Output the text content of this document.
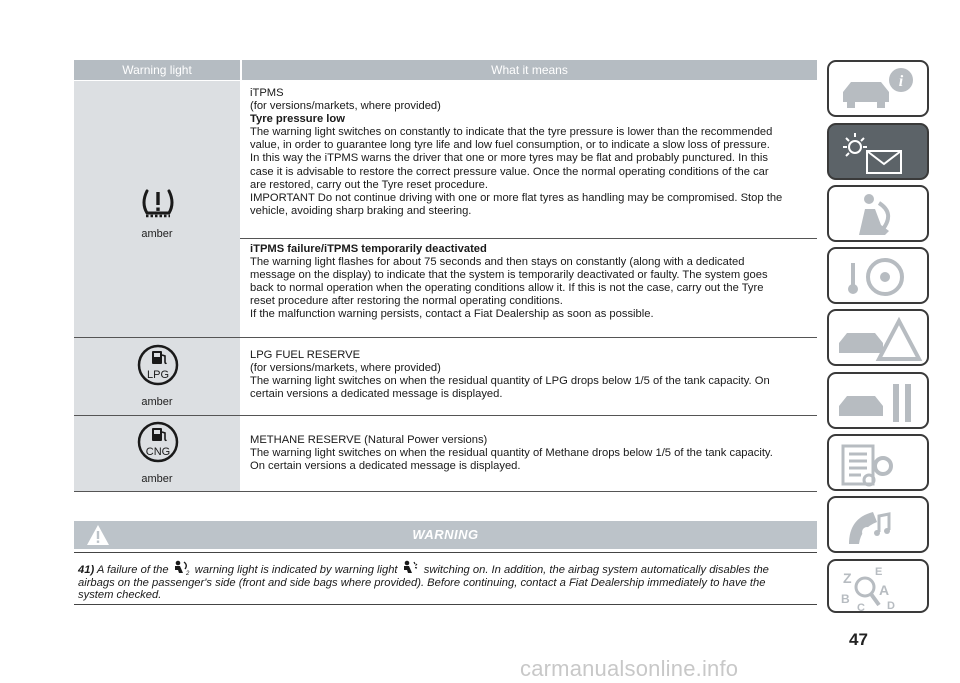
Warning light	What it means
amber
iTPMS
(for versions/markets, where provided)
Tyre pressure low
The warning light switches on constantly to indicate that the tyre pressure is lower than the recommended
value, in order to guarantee long tyre life and low fuel consumption, or to indicate a slow loss of pressure.
In this way the iTPMS warns the driver that one or more tyres may be flat and probably punctured. In this
case it is advisable to restore the correct pressure value. Once the normal operating conditions of the car
are restored, carry out the Tyre reset procedure.
IMPORTANT Do not continue driving with one or more flat tyres as handling may be compromised. Stop the
vehicle, avoiding sharp braking and steering.
iTPMS failure/iTPMS temporarily deactivated
The warning light flashes for about 75 seconds and then stays on constantly (along with a dedicated
message on the display) to indicate that the system is temporarily deactivated or faulty. The system goes
back to normal operation when the operating conditions allow it. If this is not the case, carry out the Tyre
reset procedure after restoring the normal operating conditions.
If the malfunction warning persists, contact a Fiat Dealership as soon as possible.
LPG
amber
LPG FUEL RESERVE
(for versions/markets, where provided)
The warning light switches on when the residual quantity of LPG drops below 1/5 of the tank capacity. On
certain versions a dedicated message is displayed.
CNG
amber
METHANE RESERVE (Natural Power versions)
The warning light switches on when the residual quantity of Methane drops below 1/5 of the tank capacity.
On certain versions a dedicated message is displayed.
WARNING
41) A failure of the 2 warning light is indicated by warning light  switching on. In addition, the airbag system automatically disables the
airbags on the passenger's side (front and side bags where provided). Before continuing, contact a Fiat Dealership immediately to have the
system checked.
i
Z E
B
A
C D
47
carmanualsonline.info
